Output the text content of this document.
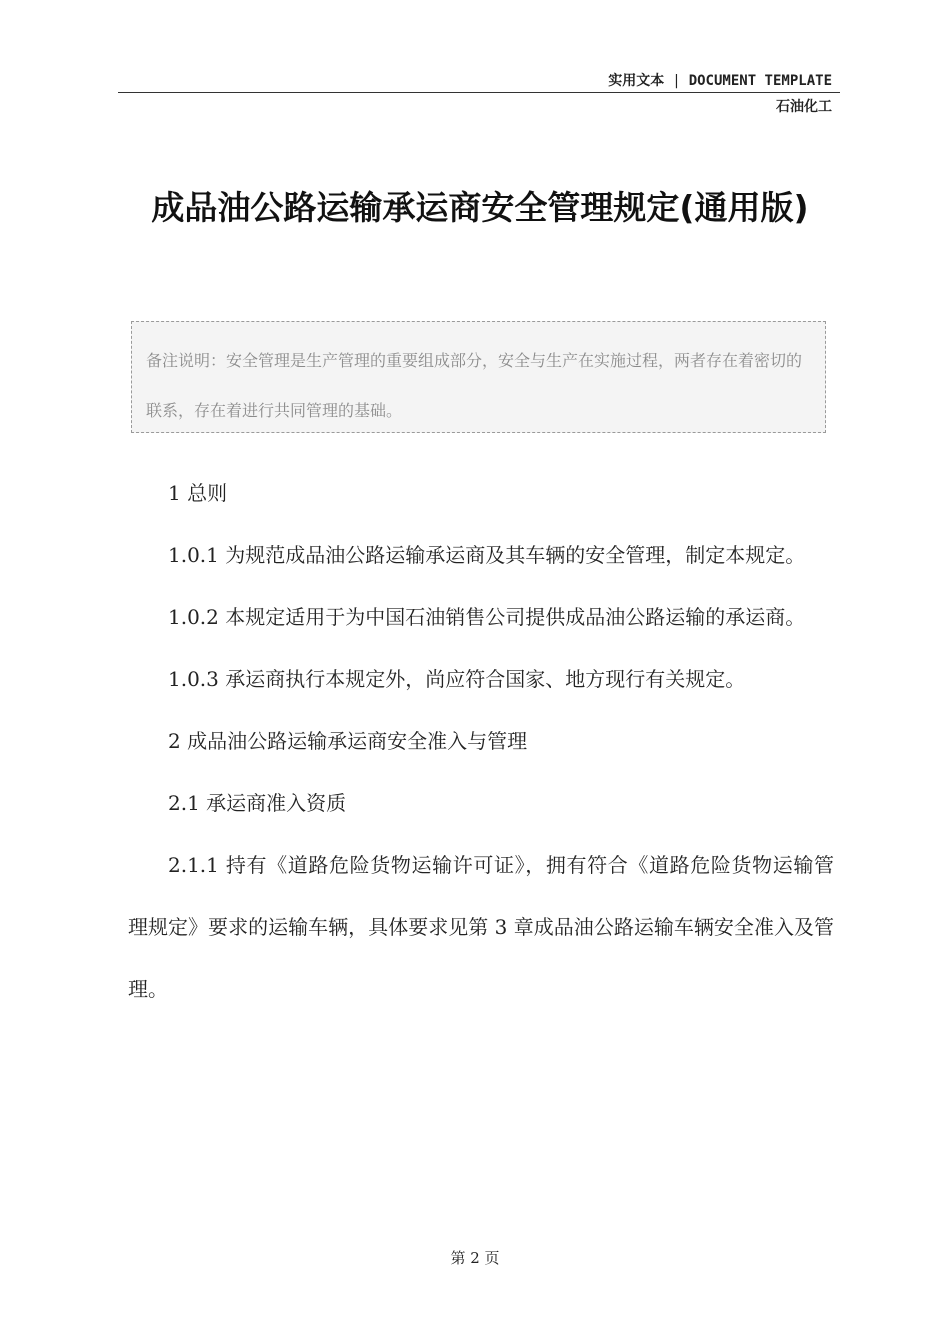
实用文本 | DOCUMENT TEMPLATE
石油化工
成品油公路运输承运商安全管理规定(通用版)
备注说明：安全管理是生产管理的重要组成部分，安全与生产在实施过程，两者存在着密切的联系，存在着进行共同管理的基础。

1 总则

1.0.1 为规范成品油公路运输承运商及其车辆的安全管理，制定本规定。

1.0.2 本规定适用于为中国石油销售公司提供成品油公路运输的承运商。

1.0.3 承运商执行本规定外，尚应符合国家、地方现行有关规定。

2 成品油公路运输承运商安全准入与管理

2.1 承运商准入资质

2.1.1 持有《道路危险货物运输许可证》，拥有符合《道路危险货物运输管理规定》要求的运输车辆，具体要求见第 3 章成品油公路运输车辆安全准入及管理。

第 2 页
